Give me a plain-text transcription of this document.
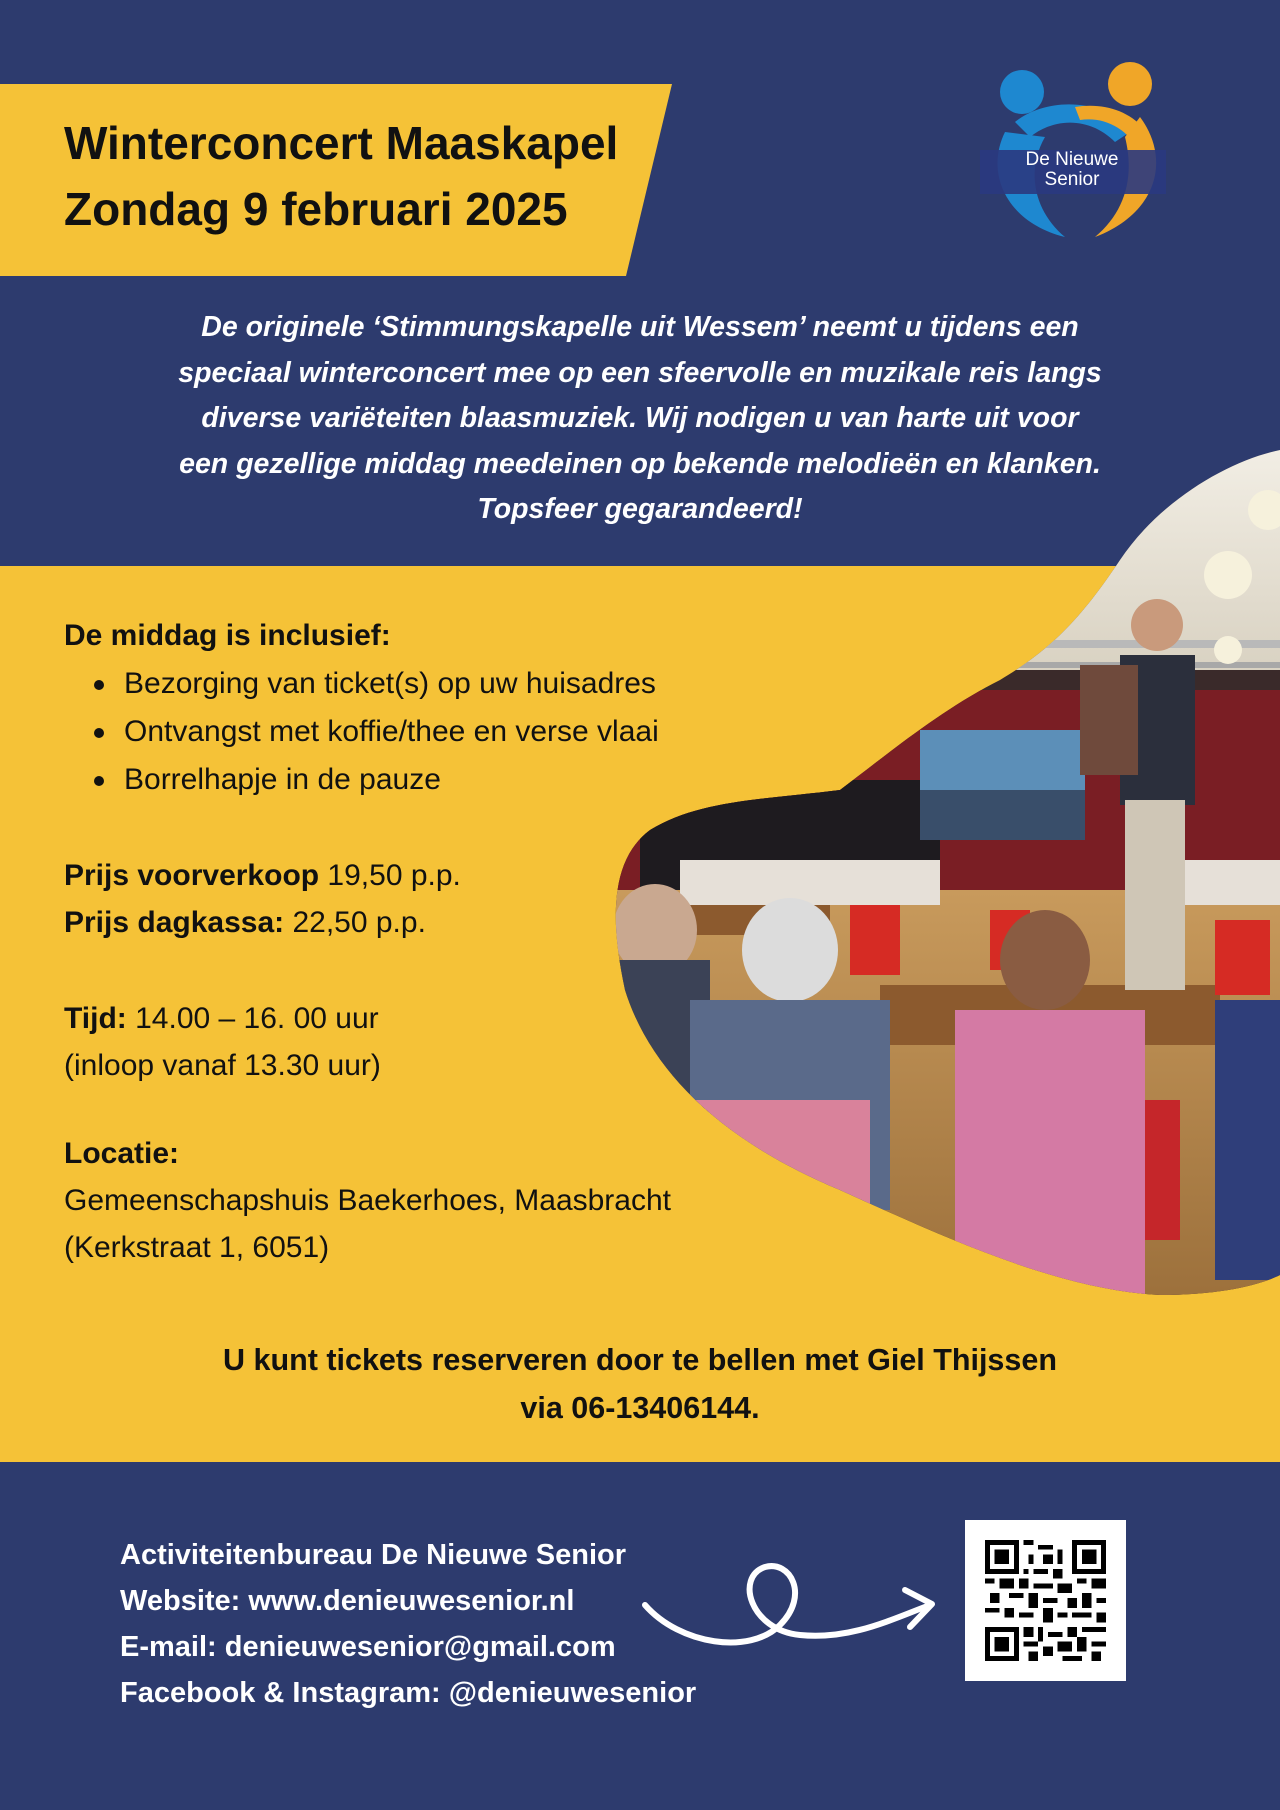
Winterconcert Maaskapel
Zondag 9 februari 2025
De Nieuwe
Senior
De originele ‘Stimmungskapelle uit Wessem’ neemt u tijdens een
speciaal winterconcert mee op een sfeervolle en muzikale reis langs
diverse variëteiten blaasmuziek. Wij nodigen u van harte uit voor
een gezellige middag meedeinen op bekende melodieën en klanken.
Topsfeer gegarandeerd!
De middag is inclusief:
Bezorging van ticket(s) op uw huisadres
Ontvangst met koffie/thee en verse vlaai
Borrelhapje in de pauze
Prijs voorverkoop 19,50 p.p.
Prijs dagkassa: 22,50 p.p.
Tijd: 14.00 – 16. 00 uur
(inloop vanaf 13.30 uur)
Locatie:
Gemeenschapshuis Baekerhoes, Maasbracht
(Kerkstraat 1, 6051)
U kunt tickets reserveren door te bellen met Giel Thijssen
via 06-13406144.
Activiteitenbureau De Nieuwe Senior
Website: www.denieuwesenior.nl
E-mail: denieuwesenior@gmail.com
Facebook & Instagram: @denieuwesenior
